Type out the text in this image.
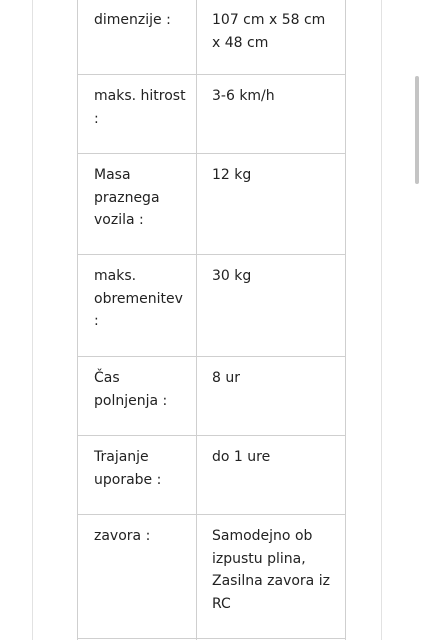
dimenzije :	107 cm x 58 cm x 48 cm
maks. hitrost :	3-6 km/h
Masa praznega vozila :	12 kg
maks. obremenitev :	30 kg
Čas polnjenja :	8 ur
Trajanje uporabe :	do 1 ure
zavora :	Samodejno ob izpustu plina, Zasilna zavora iz RC
